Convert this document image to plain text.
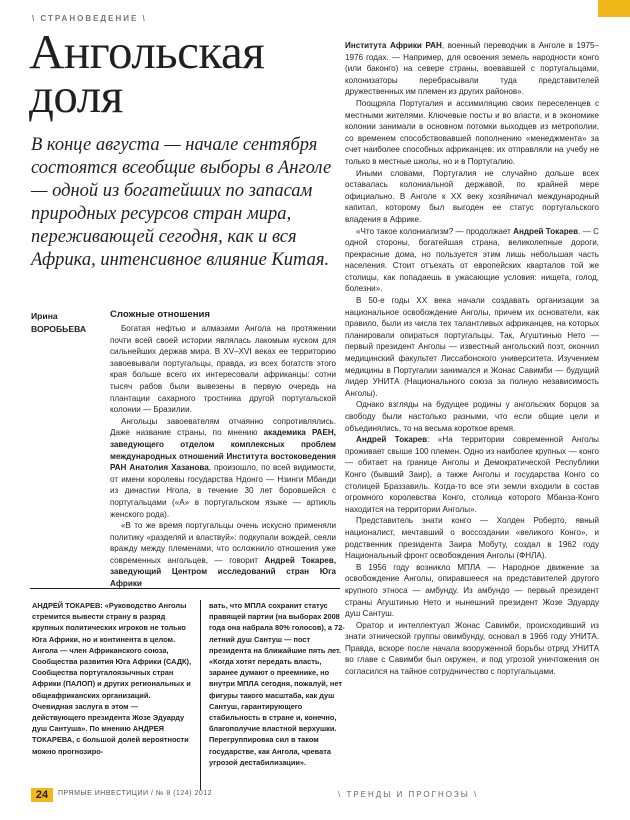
\ СТРАНОВЕДЕНИЕ \
Ангольская
доля
В конце августа — начале сентября состоятся всеобщие выборы в Анголе — одной из богатейших по запасам природных ресурсов стран мира, переживающей сегодня, как и вся Африка, интенсивное влияние Китая.
Ирина
ВОРОБЬЕВА
Сложные отношения

Богатая нефтью и алмазами Ангола на протяжении почти всей своей истории являлась лакомым куском для сильнейших держав мира. В XV–XVI веках ее территорию завоевывали португальцы, правда, из всех богатств этого края больше всего их интересовали африканцы: сотни тысяч рабов были вывезены в первую очередь на плантации сахарного тростника другой португальской колонии — Бразилии.

Ангольцы завоевателям отчаянно сопротивлялись. Даже название страны, по мнению академика РАЕН, заведующего отделом комплексных проблем международных отношений Института востоковедения РАН Анатолия Хазанова, произошло, по всей видимости, от имени королевы государства Ндонго — Нзинги Мбанди из династии Нгола, в течение 30 лет боровшейся с португальцами («А» в португальском языке — артикль женского рода).

«В то же время португальцы очень искусно применяли политику «разделяй и властвуй»: подкупали вождей, сеяли вражду между племенами, что осложнило отношения уже современных ангольцев, — говорит Андрей Токарев, заведующий Центром исследований стран Юга Африки

Института Африки РАН, военный переводчик в Анголе в 1975–1976 годах. — Например, для освоения земель народности конго (или баконго) на севере страны, воевавшей с португальцами, колонизаторы перебрасывали туда представителей дружественных им племен из других районов».

Поощряла Португалия и ассимиляцию своих переселенцев с местными жителями. Ключевые посты и во власти, и в экономике колонии занимали в основном потомки выходцев из метрополии, со временем способствовавшей пополнению «менеджмента» за счет наиболее способных африканцев: их отправляли на учебу не только в местные школы, но и в Португалию.

Иными словами, Португалия не случайно дольше всех оставалась колониальной державой, по крайней мере официально. В Анголе к XX веку хозяйничал международный капитал, которому был выгоден ее статус португальского владения в Африке.

«Что такое колониализм? — продолжает Андрей Токарев. — С одной стороны, богатейшая страна, великолепные дороги, прекрасные дома, но пользуется этим лишь небольшая часть населения. Стоит отъехать от европейских кварталов той же столицы, как попадаешь в ужасающие условия: нищета, голод, болезни».

В 50-е годы XX века начали создавать организации за национальное освобождение Анголы, причем их основатели, как правило, были из числа тех талантливых африканцев, на которых планировали опираться португальцы. Так, Агуштинью Нето — первый президент Анголы — известный ангольский поэт, окончил медицинский факультет Лиссабонского университета. Изучением медицины в Португалии занимался и Жонас Савимби — будущий лидер УНИТА (Национального союза за полную независимость Анголы).

Однако взгляды на будущее родины у ангольских борцов за свободу были настолько разными, что если общие цели и объединялись, то на весьма короткое время.

Андрей Токарев: «На территории современной Анголы проживает свыше 100 племен. Одно из наиболее крупных — конго — обитает на границе Анголы и Демократической Республики Конго (бывший Заир), а также Анголы и государства Конго со столицей Браззавиль. Когда-то все эти земли входили в состав огромного королевства Конго, столица которого Мбанза-Конго находится на территории Анголы».

Представитель знати конго — Холден Роберто, явный националист, мечтавший о воссоздании «великого Конго», и родственник президента Заира Мобуту, создал в 1962 году Национальный фронт освобождения Анголы (ФНЛА).

В 1956 году возникло МПЛА — Народное движение за освобождение Анголы, опиравшееся на представителей другого крупного этноса — амбунду. Из амбундо — первый президент страны Агуштинью Нето и нынешний президент Жозе Эдуарду душ Сантуш.

Оратор и интеллектуал Жонас Савимби, происходивший из знати этнической группы овимбунду, основал в 1966 году УНИТА. Правда, вскоре после начала вооруженной борьбы отряд УНИТА во главе с Савимби был окружен, и под угрозой уничтожения он согласился на тайное сотрудничество с португальцами.

АНДРЕЙ ТОКАРЕВ: «Руководство Анголы стремится вывести страну в разряд крупных политических игроков не только Юга Африки, но и континента в целом. Ангола — член Африканского союза, Сообщества развития Юга Африки (САДК), Сообщества португалоязычных стран Африки (ПАЛОП) и других региональных и общеафриканских организаций. Очевидная заслуга в этом — действующего президента Жозе Эдуарду душ Сантуша». По мнению АНДРЕЯ ТОКАРЕВА, с большой долей вероятности можно прогнозиро-
вать, что МПЛА сохранит статус правящей партии (на выборах 2008 года она набрала 80% голосов), а 72-летний душ Сантуш — пост президента на ближайшие пять лет. «Когда хотят передать власть, заранее думают о преемнике, но внутри МПЛА сегодня, пожалуй, нет фигуры такого масштаба, как душ Сантуш, гарантирующего стабильность в стране и, конечно, благополучие властной верхушки. Перегруппировка сил в таком государстве, как Ангола, чревата угрозой дестабилизации».
24	ПРЯМЫЕ ИНВЕСТИЦИИ / № 8 (124) 2012	\ ТРЕНДЫ И ПРОГНОЗЫ \
